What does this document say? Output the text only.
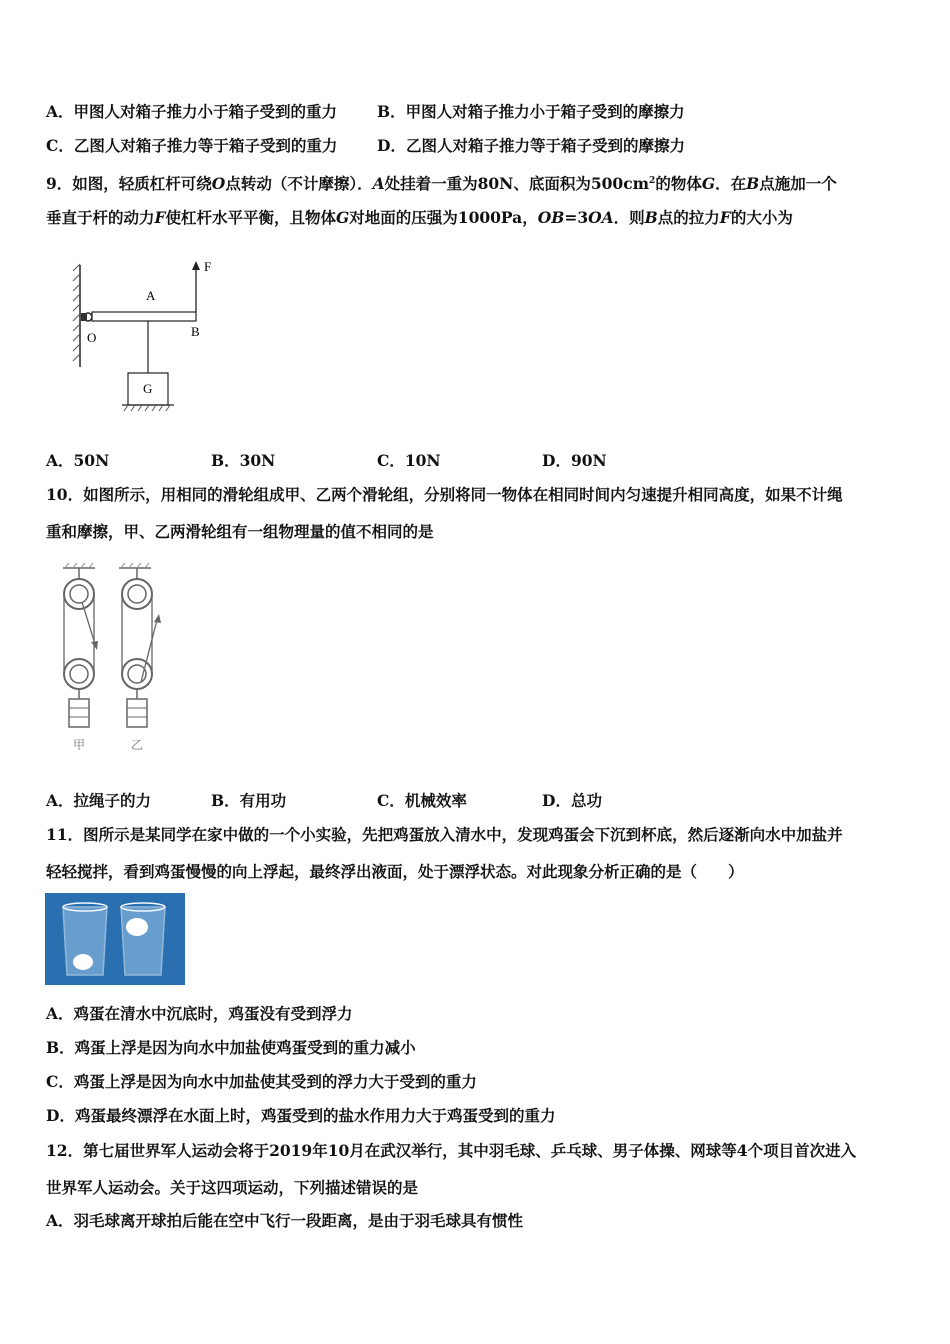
A．甲图人对箱子推力小于箱子受到的重力	B．甲图人对箱子推力小于箱子受到的摩擦力
C．乙图人对箱子推力等于箱子受到的重力	D．乙图人对箱子推力等于箱子受到的摩擦力
9．如图，轻质杠杆可绕O点转动（不计摩擦）．A处挂着一重为80N、底面积为$500cm^2$的物体G．在B点施加一个
垂直于杆的动力F使杠杆水平平衡，且物体G对地面的压强为1000Pa，OB=3OA．则B点的拉力F的大小为
F
A
B
O
G
A．50N	B．30N	C．10N	D．90N
10．如图所示，用相同的滑轮组成甲、乙两个滑轮组，分别将同一物体在相同时间内匀速提升相同高度，如果不计绳
重和摩擦，甲、乙两滑轮组有一组物理量的值不相同的是
甲	乙
A．拉绳子的力	B．有用功	C．机械效率	D．总功
11．图所示是某同学在家中做的一个小实验，先把鸡蛋放入清水中，发现鸡蛋会下沉到杯底，然后逐渐向水中加盐并
轻轻搅拌，看到鸡蛋慢慢的向上浮起，最终浮出液面，处于漂浮状态。对此现象分析正确的是（　　）
A．鸡蛋在清水中沉底时，鸡蛋没有受到浮力
B．鸡蛋上浮是因为向水中加盐使鸡蛋受到的重力减小
C．鸡蛋上浮是因为向水中加盐使其受到的浮力大于受到的重力
D．鸡蛋最终漂浮在水面上时，鸡蛋受到的盐水作用力大于鸡蛋受到的重力
12．第七届世界军人运动会将于2019年10月在武汉举行，其中羽毛球、乒乓球、男子体操、网球等4个项目首次进入
世界军人运动会。关于这四项运动，下列描述错误的是
A．羽毛球离开球拍后能在空中飞行一段距离，是由于羽毛球具有惯性
